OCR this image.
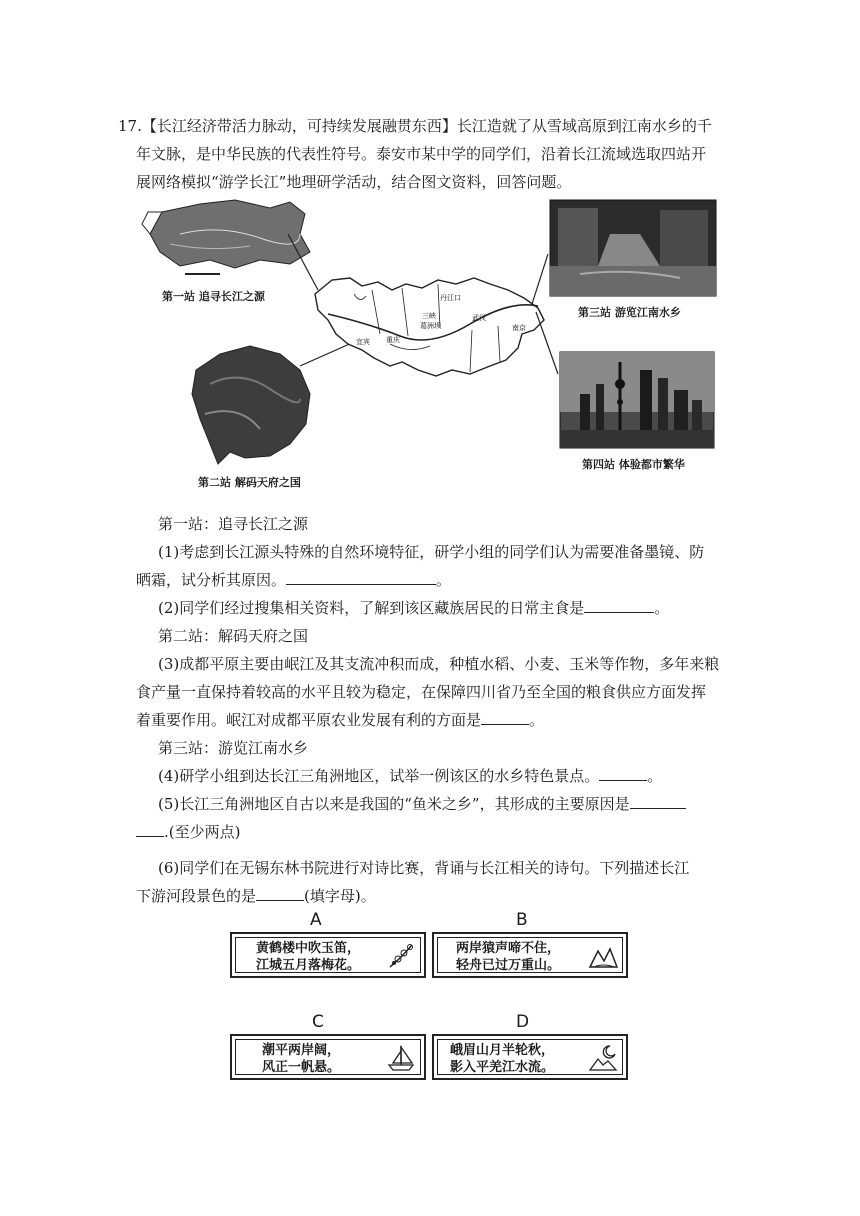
17.【长江经济带活力脉动，可持续发展融贯东西】长江造就了从雪域高原到江南水乡的千
年文脉，是中华民族的代表性符号。泰安市某中学的同学们，沿着长江流域选取四站开
展网络模拟“游学长江”地理研学活动，结合图文资料，回答问题。
丹江口
三峡
葛洲坝
武汉
宜宾 重庆
南京
第一站 追寻长江之源
第二站 解码天府之国
第三站 游览江南水乡
第四站 体验都市繁华
第一站：追寻长江之源
(1)考虑到长江源头特殊的自然环境特征，研学小组的同学们认为需要准备墨镜、防
晒霜，试分析其原因。	。
(2)同学们经过搜集相关资料，了解到该区藏族居民的日常主食是	。
第二站：解码天府之国
(3)成都平原主要由岷江及其支流冲积而成，种植水稻、小麦、玉米等作物，多年来粮
食产量一直保持着较高的水平且较为稳定，在保障四川省乃至全国的粮食供应方面发挥
着重要作用。岷江对成都平原农业发展有利的方面是	。
第三站：游览江南水乡
(4)研学小组到达长江三角洲地区，试举一例该区的水乡特色景点。	。
(5)长江三角洲地区自古以来是我国的“鱼米之乡”，其形成的主要原因是
.(至少两点)
(6)同学们在无锡东林书院进行对诗比赛，背诵与长江相关的诗句。下列描述长江
下游河段景色的是	(填字母)。
A
黄鹤楼中吹玉笛，
江城五月落梅花。
B
两岸猿声啼不住，
轻舟已过万重山。
C
潮平两岸阔，
风正一帆悬。
D
峨眉山月半轮秋，
影入平羌江水流。
